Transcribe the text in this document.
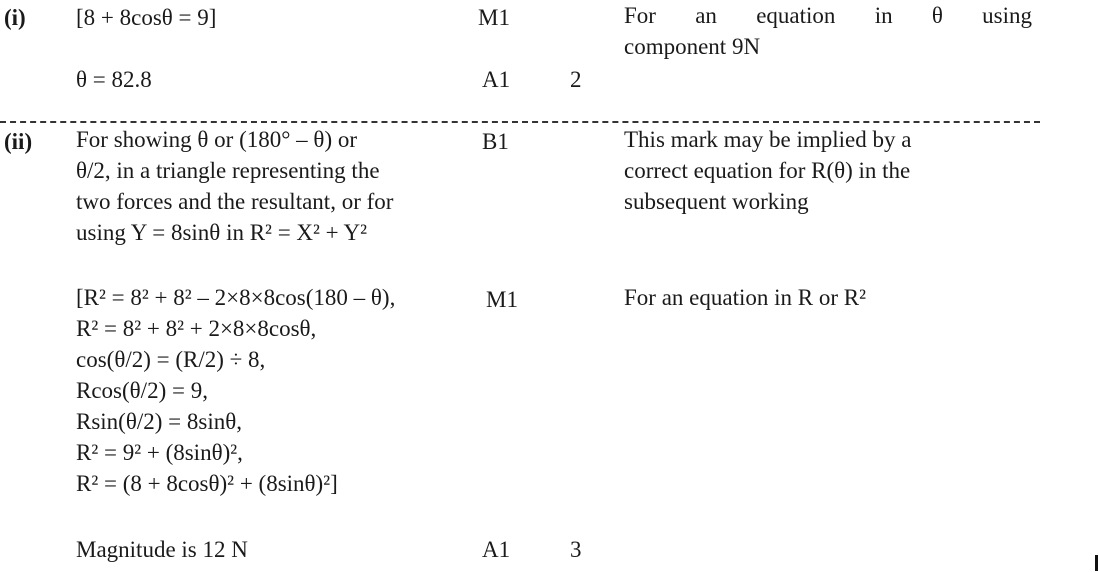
(i) [8 + 8cosθ = 9]	M1	For an equation in θ using
component 9N
θ = 82.8	A1	2
(ii) For showing θ or (180° – θ) or
θ/2, in a triangle representing the
two forces and the resultant, or for
using Y = 8sinθ in R² = X² + Y²
B1	This mark may be implied by a
correct equation for R(θ) in the
subsequent working
[R² = 8² + 8² – 2×8×8cos(180 – θ),
R² = 8² + 8² + 2×8×8cosθ,
cos(θ/2) = (R/2) ÷ 8,
Rcos(θ/2) = 9,
Rsin(θ/2) = 8sinθ,
R² = 9² + (8sinθ)²,
R² = (8 + 8cosθ)² + (8sinθ)²]
M1	For an equation in R or R²
Magnitude is 12 N	A1	3
